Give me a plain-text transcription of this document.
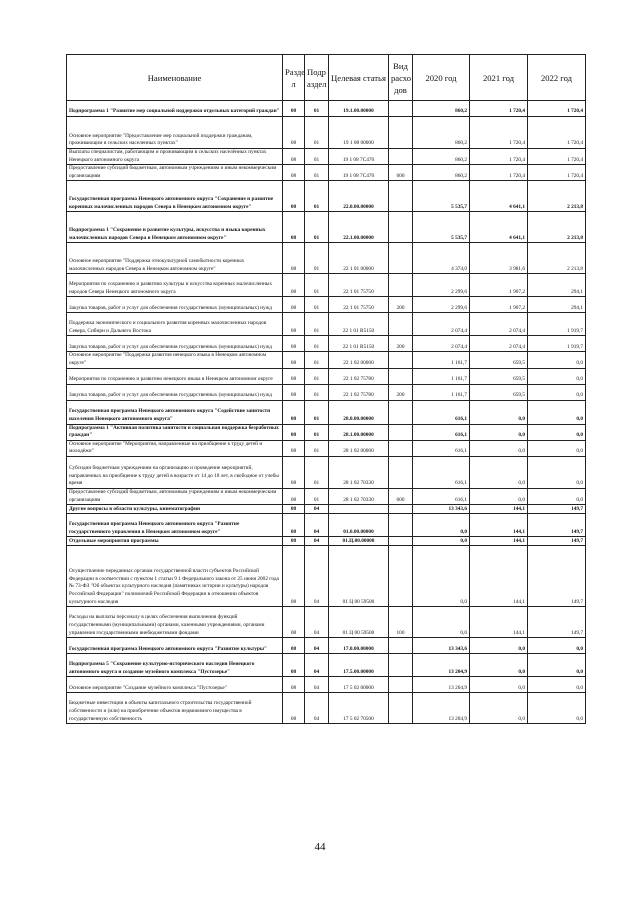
Наименование	Разде л	Подр аздел	Целевая статья	Вид расхо дов	2020 год	2021 год	2022 год
Подпрограмма 1 "Развитие мер социальной поддержки отдельных категорий граждан"	08	01	19.1.00.00000		860,2	1 720,4	1 720,4
Основное мероприятие "Предоставление мер социальной поддержки гражданам, проживающим в сельских населенных пунктах"	08	01	19 1 08 00000		860,2	1 720,4	1 720,4
Выплаты специалистам, работающим и проживающим в сельских населённых пунктах Ненецкого автономного округа	08	01	19 1 08 7С470		860,2	1 720,4	1 720,4
Предоставление субсидий бюджетным, автономным учреждениям и иным некоммерческим организациям	08	01	19 1 08 7С470	600	860,2	1 720,4	1 720,4
Государственная программа Ненецкого автономного округа "Сохранение и развитие коренных малочисленных народов Севера в Ненецком автономном округе"	08	01	22.0.00.00000		5 535,7	4 641,1	2 213,8
Подпрограмма 1 "Сохранение и развитие культуры, искусства и языка коренных малочисленных народов Севера в Ненецком автономном округе"	08	01	22.1.00.00000		5 535,7	4 641,1	2 213,8
Основное мероприятие "Поддержка этнокультурной самобытности коренных малочисленных народов Севера в Ненецком автономном округе"	08	01	22 1 01 00000		4 374,0	3 981,6	2 213,8
Мероприятия по сохранению и развитию культуры и искусства коренных малочисленных народов Севера Ненецкого автономного округа	08	01	22 1 01 75750		2 299,6	1 907,2	294,1
Закупка товаров, работ и услуг для обеспечения государственных (муниципальных) нужд	08	01	22 1 01 75750	200	2 299,6	1 907,2	294,1
Поддержка экономического и социального развития коренных малочисленных народов Севера, Сибири и Дальнего Востока	08	01	22 1 01 R5150		2 074,4	2 074,4	1 919,7
Закупка товаров, работ и услуг для обеспечения государственных (муниципальных) нужд	08	01	22 1 01 R5150	200	2 074,4	2 074,4	1 919,7
Основное мероприятие "Поддержка развития ненецкого языка в Ненецком автономном округе"	08	01	22 1 02 00000		1 161,7	659,5	0,0
Мероприятия по сохранению и развитию ненецкого языка в Ненецком автономном округе	08	01	22 1 02 75780		1 161,7	659,5	0,0
Закупка товаров, работ и услуг для обеспечения государственных (муниципальных) нужд	08	01	22 1 02 75780	200	1 161,7	659,5	0,0
Государственная программа Ненецкого автономного округа "Содействие занятости населения Ненецкого автономного округа"	08	01	28.0.00.00000		616,1	0,0	0,0
Подпрограмма 1 "Активная политика занятости и социальная поддержка безработных граждан"	08	01	28.1.00.00000		616,1	0,0	0,0
Основное мероприятие "Мероприятия, направленные на приобщение к труду детей и молодёжи"	08	01	28 1 02 00000		616,1	0,0	0,0
Субсидии бюджетным учреждениям на организацию и проведение мероприятий, направленных на приобщение к труду детей в возрасте от 14 до 18 лет, в свободное от учебы время	08	01	28 1 02 70330		616,1	0,0	0,0
Предоставление субсидий бюджетным, автономным учреждениям и иным некоммерческим организациям	08	01	28 1 02 70330	600	616,1	0,0	0,0
Другие вопросы в области культуры, кинематографии	08	04			13 343,6	144,1	149,7
Государственная программа Ненецкого автономного округа "Развитие государственного управления в Ненецком автономном округе"	08	04	01.0.00.00000		0,0	144,1	149,7
Отдельные мероприятия программы	08	04	01.Ц.00.00000		0,0	144,1	149,7
Осуществление переданных органам государственной власти субъектов Российской Федерации в соответствии с пунктом 1 статьи 9 1 Федерального закона от 25 июня 2002 года № 73-ФЗ "Об объектах культурного наследия (памятниках истории и культуры) народов Российской Федерации" полномочий Российской Федерации в отношении объектов культурного наследия	08	04	01 Ц 00 59500		0,0	144,1	149,7
Расходы на выплаты персоналу в целях обеспечения выполнения функций государственными (муниципальными) органами, казенными учреждениями, органами управления государственными внебюджетными фондами	08	04	01 Ц 00 59500	100	0,0	144,1	149,7
Государственная программа Ненецкого автономного округа "Развитие культуры"	08	04	17.0.00.00000		13 343,6	0,0	0,0
Подпрограмма 5 "Сохранение культурно-исторического наследия Ненецкого автономного округа и создание музейного комплекса "Пустозерье"	08	04	17.5.00.00000		13 204,9	0,0	0,0
Основное мероприятие "Создание музейного комплекса "Пустозерье"	08	04	17 5 02 00000		13 204,9	0,0	0,0
Бюджетные инвестиции в объекты капитального строительства государственной собственности и (или) на приобретение объектов недвижимого имущества в государственную собственность	08	04	17 5 02 70500		13 204,9	0,0	0,0
44
